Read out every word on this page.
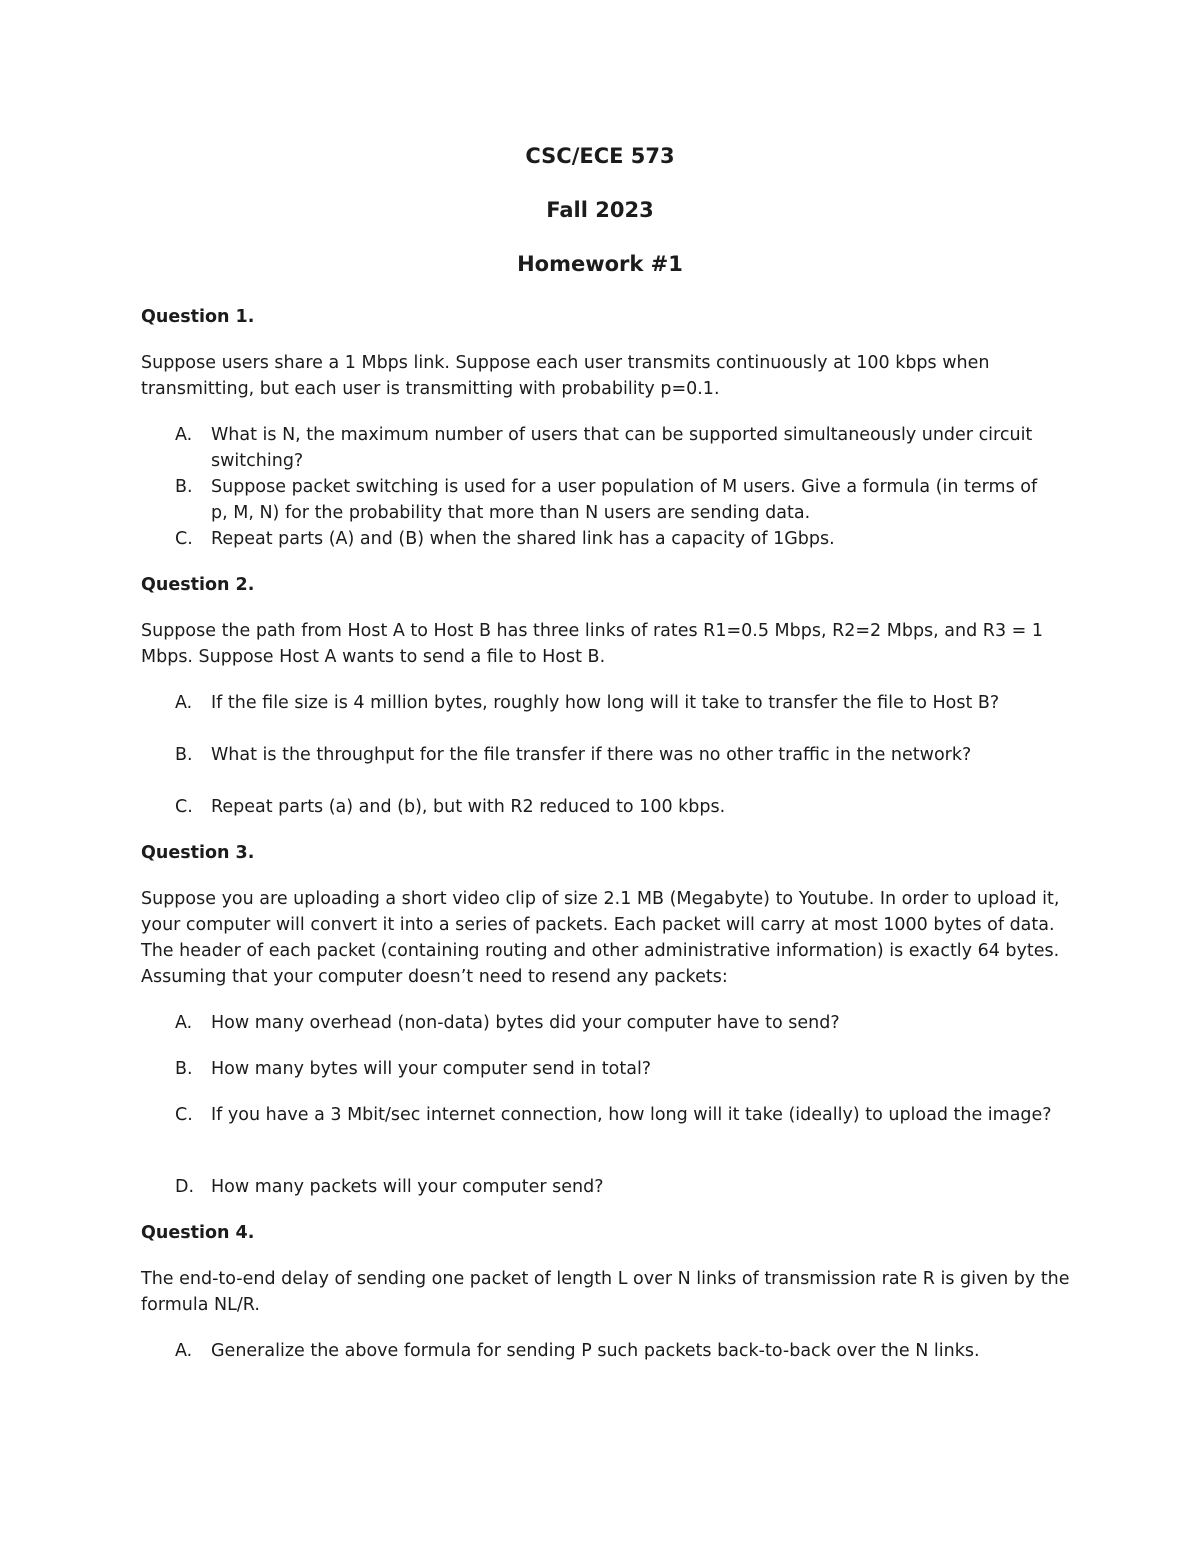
CSC/ECE 573
Fall 2023
Homework #1
Question 1.
Suppose users share a 1 Mbps link. Suppose each user transmits continuously at 100 kbps when transmitting, but each user is transmitting with probability p=0.1.
A.	What is N, the maximum number of users that can be supported simultaneously under circuit switching?
B.	Suppose packet switching is used for a user population of M users. Give a formula (in terms of p, M, N) for the probability that more than N users are sending data.
C.	Repeat parts (A) and (B) when the shared link has a capacity of 1Gbps.
Question 2.
Suppose the path from Host A to Host B has three links of rates R1=0.5 Mbps, R2=2 Mbps, and R3 = 1 Mbps. Suppose Host A wants to send a file to Host B.
A.	If the file size is 4 million bytes, roughly how long will it take to transfer the file to Host B?
B.	What is the throughput for the file transfer if there was no other traffic in the network?
C.	Repeat parts (a) and (b), but with R2 reduced to 100 kbps.
Question 3.
Suppose you are uploading a short video clip of size 2.1 MB (Megabyte) to Youtube. In order to upload it, your computer will convert it into a series of packets. Each packet will carry at most 1000 bytes of data. The header of each packet (containing routing and other administrative information) is exactly 64 bytes. Assuming that your computer doesn’t need to resend any packets:
A.	How many overhead (non-data) bytes did your computer have to send?
B.	How many bytes will your computer send in total?
C.	If you have a 3 Mbit/sec internet connection, how long will it take (ideally) to upload the image?
D. How many packets will your computer send?
Question 4.
The end-to-end delay of sending one packet of length L over N links of transmission rate R is given by the formula NL/R.
A.	Generalize the above formula for sending P such packets back-to-back over the N links.
